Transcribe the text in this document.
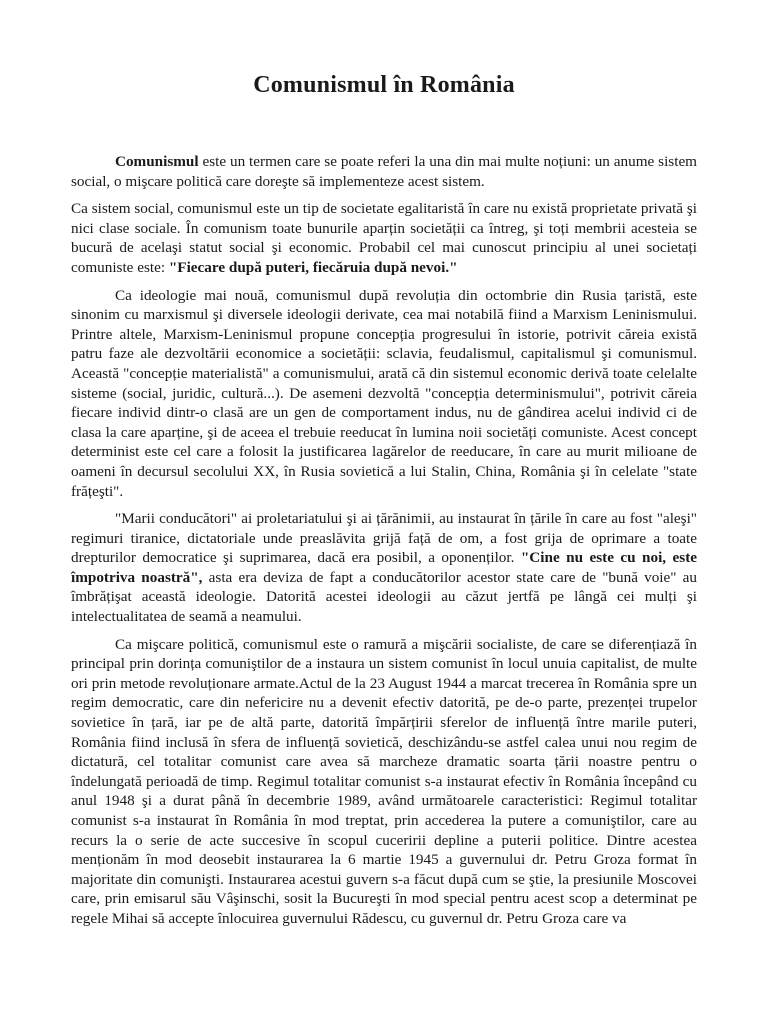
Comunismul în România

Comunismul este un termen care se poate referi la una din mai multe noțiuni: un anume sistem social, o mişcare politică care doreşte să implementeze acest sistem.

Ca sistem social, comunismul este un tip de societate egalitaristă în care nu există proprietate privată şi nici clase sociale. În comunism toate bunurile aparțin societății ca întreg, şi toți membrii acesteia se bucură de acelaşi statut social şi economic. Probabil cel mai cunoscut principiu al unei societați comuniste este: "Fiecare după puteri, fiecăruia după nevoi."

Ca ideologie mai nouă, comunismul după revoluția din octombrie din Rusia țaristă, este sinonim cu marxismul şi diversele ideologii derivate, cea mai notabilă fiind a Marxism Leninismului. Printre altele, Marxism-Leninismul propune concepția progresului în istorie, potrivit căreia există patru faze ale dezvoltării economice a societății: sclavia, feudalismul, capitalismul şi comunismul. Această "concepție materialistă" a comunismului, arată că din sistemul economic derivă toate celelalte sisteme (social, juridic, cultură...). De asemeni dezvoltă "concepția determinismului", potrivit căreia fiecare individ dintr-o clasă are un gen de comportament indus, nu de gândirea acelui individ ci de clasa la care aparține, şi de aceea el trebuie reeducat în lumina noii societăți comuniste. Acest concept determinist este cel care a folosit la justificarea lagărelor de reeducare, în care au murit milioane de oameni în decursul secolului XX, în Rusia sovietică a lui Stalin, China, România şi în celelate "state frățeşti".

"Marii conducători" ai proletariatului şi ai țărănimii, au instaurat în țările în care au fost "aleşi" regimuri tiranice, dictatoriale unde preaslăvita grijă față de om, a fost grija de oprimare a toate drepturilor democratice şi suprimarea, dacă era posibil, a oponenților. "Cine nu este cu noi, este împotriva noastră", asta era deviza de fapt a conducătorilor acestor state care de "bună voie" au îmbrățişat această ideologie. Datorită acestei ideologii au căzut jertfă pe lângă cei mulți şi intelectualitatea de seamă a neamului.

Ca mişcare politică, comunismul este o ramură a mişcării socialiste, de care se diferențiază în principal prin dorința comuniştilor de a instaura un sistem comunist în locul unuia capitalist, de multe ori prin metode revoluționare armate.Actul de la 23 August 1944 a marcat trecerea în România spre un regim democratic, care din nefericire nu a devenit efectiv datorită, pe de-o parte, prezenței trupelor sovietice în țară, iar pe de altă parte, datorită împărțirii sferelor de influență între marile puteri, România fiind inclusă în sfera de influență sovietică, deschizându-se astfel calea unui nou regim de dictatură, cel totalitar comunist care avea să marcheze dramatic soarta țării noastre pentru o îndelungată perioadă de timp. Regimul totalitar comunist s-a instaurat efectiv în România începând cu anul 1948 şi a durat până în decembrie 1989, având următoarele caracteristici: Regimul totalitar comunist s-a instaurat în România în mod treptat, prin accederea la putere a comuniştilor, care au recurs la o serie de acte succesive în scopul cuceririi depline a puterii politice. Dintre acestea menționăm în mod deosebit instaurarea la 6 martie 1945 a guvernului dr. Petru Groza format în majoritate din comunişti. Instaurarea acestui guvern s-a făcut după cum se ştie, la presiunile Moscovei care, prin emisarul său Vâşinschi, sosit la Bucureşti în mod special pentru acest scop a determinat pe regele Mihai să accepte înlocuirea guvernului Rădescu, cu guvernul dr. Petru Groza care va
